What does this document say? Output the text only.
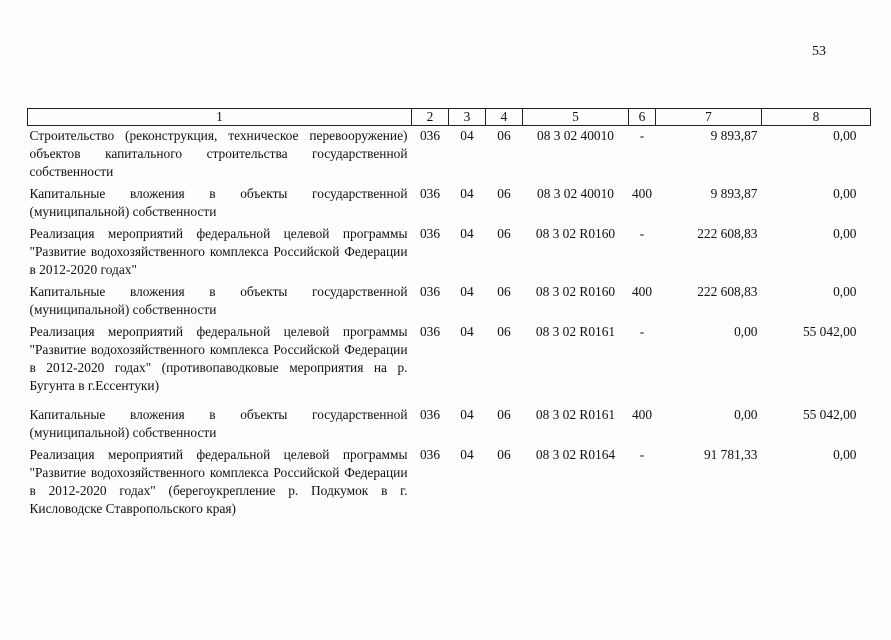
53
1	2	3	4	5	6	7	8
Строительство (реконструкция, техническое перевооружение) объектов капитального строительства государственной собственности	036	04	06	08 3 02 40010	-	9 893,87	0,00
Капитальные вложения в объекты государственной (муниципальной) собственности	036	04	06	08 3 02 40010	400	9 893,87	0,00
Реализация мероприятий федеральной целевой программы "Развитие водохозяйственного комплекса Российской Федерации в 2012-2020 годах"	036	04	06	08 3 02 R0160	-	222 608,83	0,00
Капитальные вложения в объекты государственной (муниципальной) собственности	036	04	06	08 3 02 R0160	400	222 608,83	0,00
Реализация мероприятий федеральной целевой программы "Развитие водохозяйственного комплекса Российской Федерации в 2012-2020 годах" (противопаводковые мероприятия на р. Бугунта в г.Ессентуки)	036	04	06	08 3 02 R0161	-	0,00	55 042,00
Капитальные вложения в объекты государственной (муниципальной) собственности	036	04	06	08 3 02 R0161	400	0,00	55 042,00
Реализация мероприятий федеральной целевой программы "Развитие водохозяйственного комплекса Российской Федерации в 2012-2020 годах" (берегоукрепление р. Подкумок в г. Кисловодске Ставропольского края)	036	04	06	08 3 02 R0164	-	91 781,33	0,00
